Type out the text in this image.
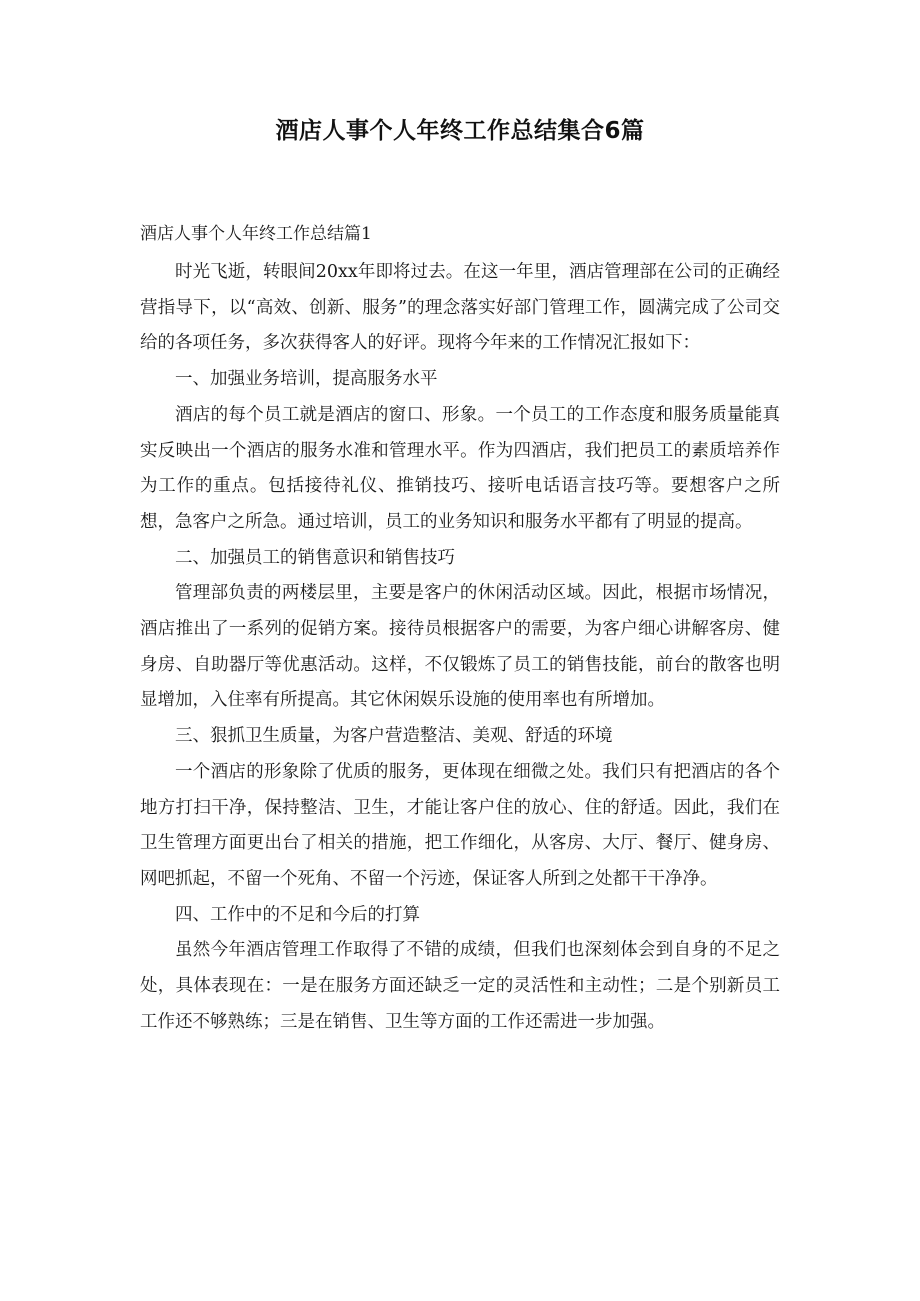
酒店人事个人年终工作总结集合6篇
酒店人事个人年终工作总结篇1

时光飞逝，转眼间20xx年即将过去。在这一年里，酒店管理部在公司的正确经营指导下，以“高效、创新、服务”的理念落实好部门管理工作，圆满完成了公司交给的各项任务，多次获得客人的好评。现将今年来的工作情况汇报如下：

一、加强业务培训，提高服务水平

酒店的每个员工就是酒店的窗口、形象。一个员工的工作态度和服务质量能真实反映出一个酒店的服务水准和管理水平。作为四酒店，我们把员工的素质培养作为工作的重点。包括接待礼仪、推销技巧、接听电话语言技巧等。要想客户之所想，急客户之所急。通过培训，员工的业务知识和服务水平都有了明显的提高。

二、加强员工的销售意识和销售技巧

管理部负责的两楼层里，主要是客户的休闲活动区域。因此，根据市场情况，酒店推出了一系列的促销方案。接待员根据客户的需要，为客户细心讲解客房、健身房、自助器厅等优惠活动。这样，不仅锻炼了员工的销售技能，前台的散客也明显增加，入住率有所提高。其它休闲娱乐设施的使用率也有所增加。

三、狠抓卫生质量，为客户营造整洁、美观、舒适的环境

一个酒店的形象除了优质的服务，更体现在细微之处。我们只有把酒店的各个地方打扫干净，保持整洁、卫生，才能让客户住的放心、住的舒适。因此，我们在卫生管理方面更出台了相关的措施，把工作细化，从客房、大厅、餐厅、健身房、网吧抓起，不留一个死角、不留一个污迹，保证客人所到之处都干干净净。

四、工作中的不足和今后的打算

虽然今年酒店管理工作取得了不错的成绩，但我们也深刻体会到自身的不足之处，具体表现在：一是在服务方面还缺乏一定的灵活性和主动性；二是个别新员工工作还不够熟练；三是在销售、卫生等方面的工作还需进一步加强。
